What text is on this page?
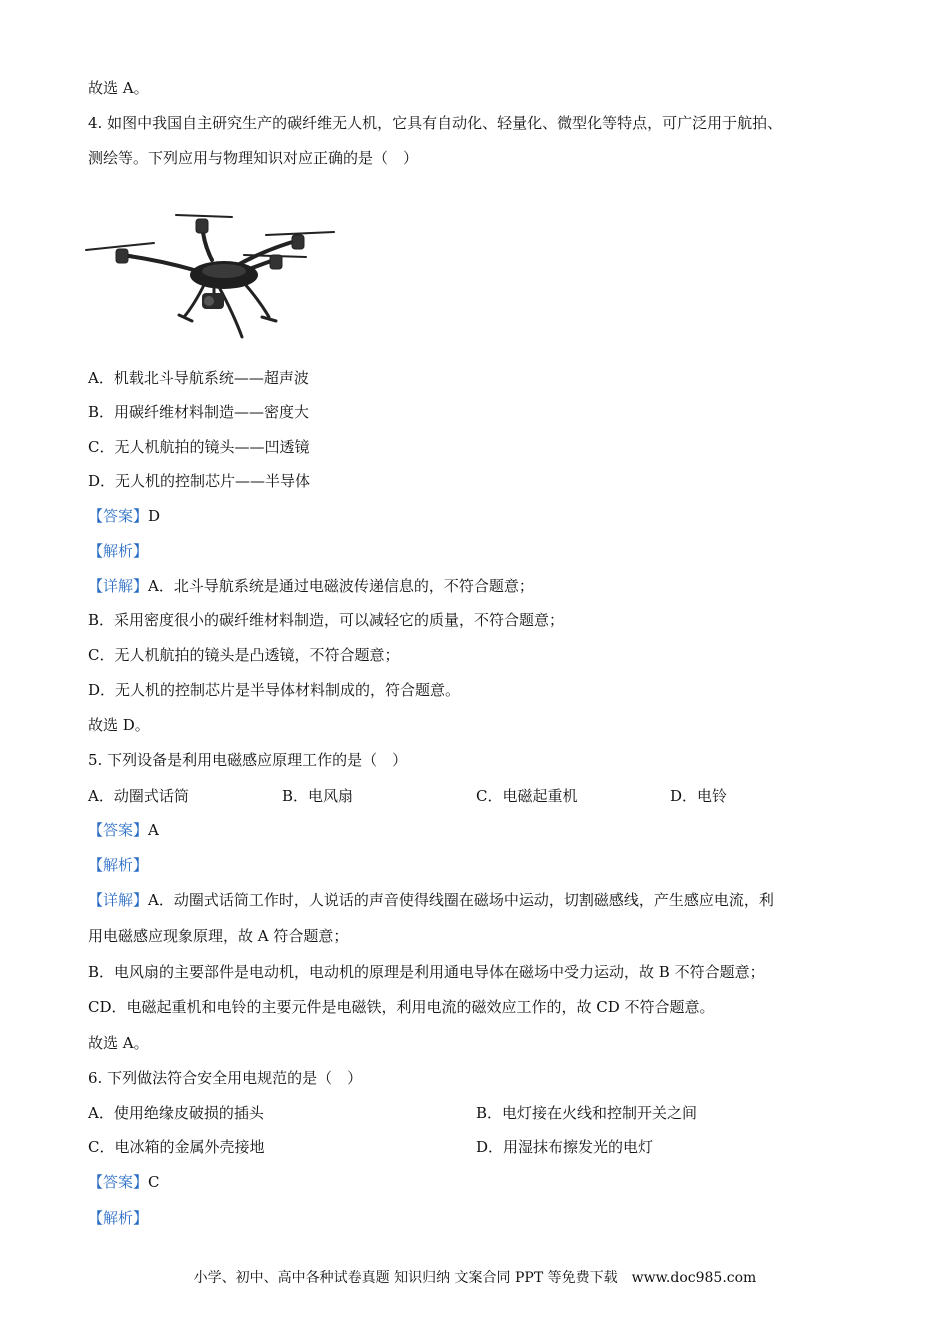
故选 A。
4. 如图中我国自主研究生产的碳纤维无人机，它具有自动化、轻量化、微型化等特点，可广泛用于航拍、
测绘等。下列应用与物理知识对应正确的是（　）
A．机载北斗导航系统——超声波
B．用碳纤维材料制造——密度大
C．无人机航拍的镜头——凹透镜
D．无人机的控制芯片——半导体
【答案】D
【解析】
【详解】A．北斗导航系统是通过电磁波传递信息的，不符合题意；
B．采用密度很小的碳纤维材料制造，可以减轻它的质量，不符合题意；
C．无人机航拍的镜头是凸透镜，不符合题意；
D．无人机的控制芯片是半导体材料制成的，符合题意。
故选 D。
5. 下列设备是利用电磁感应原理工作的是（　）
A．动圈式话筒	B．电风扇	C．电磁起重机	D．电铃
【答案】A
【解析】
【详解】A．动圈式话筒工作时，人说话的声音使得线圈在磁场中运动，切割磁感线，产生感应电流，利
用电磁感应现象原理，故 A 符合题意；
B．电风扇的主要部件是电动机，电动机的原理是利用通电导体在磁场中受力运动，故 B 不符合题意；
CD．电磁起重机和电铃的主要元件是电磁铁，利用电流的磁效应工作的，故 CD 不符合题意。
故选 A。
6. 下列做法符合安全用电规范的是（　）
A．使用绝缘皮破损的插头	B．电灯接在火线和控制开关之间
C．电冰箱的金属外壳接地	D．用湿抹布擦发光的电灯
【答案】C
【解析】
小学、初中、高中各种试卷真题 知识归纳 文案合同 PPT 等免费下载　www.doc985.com
